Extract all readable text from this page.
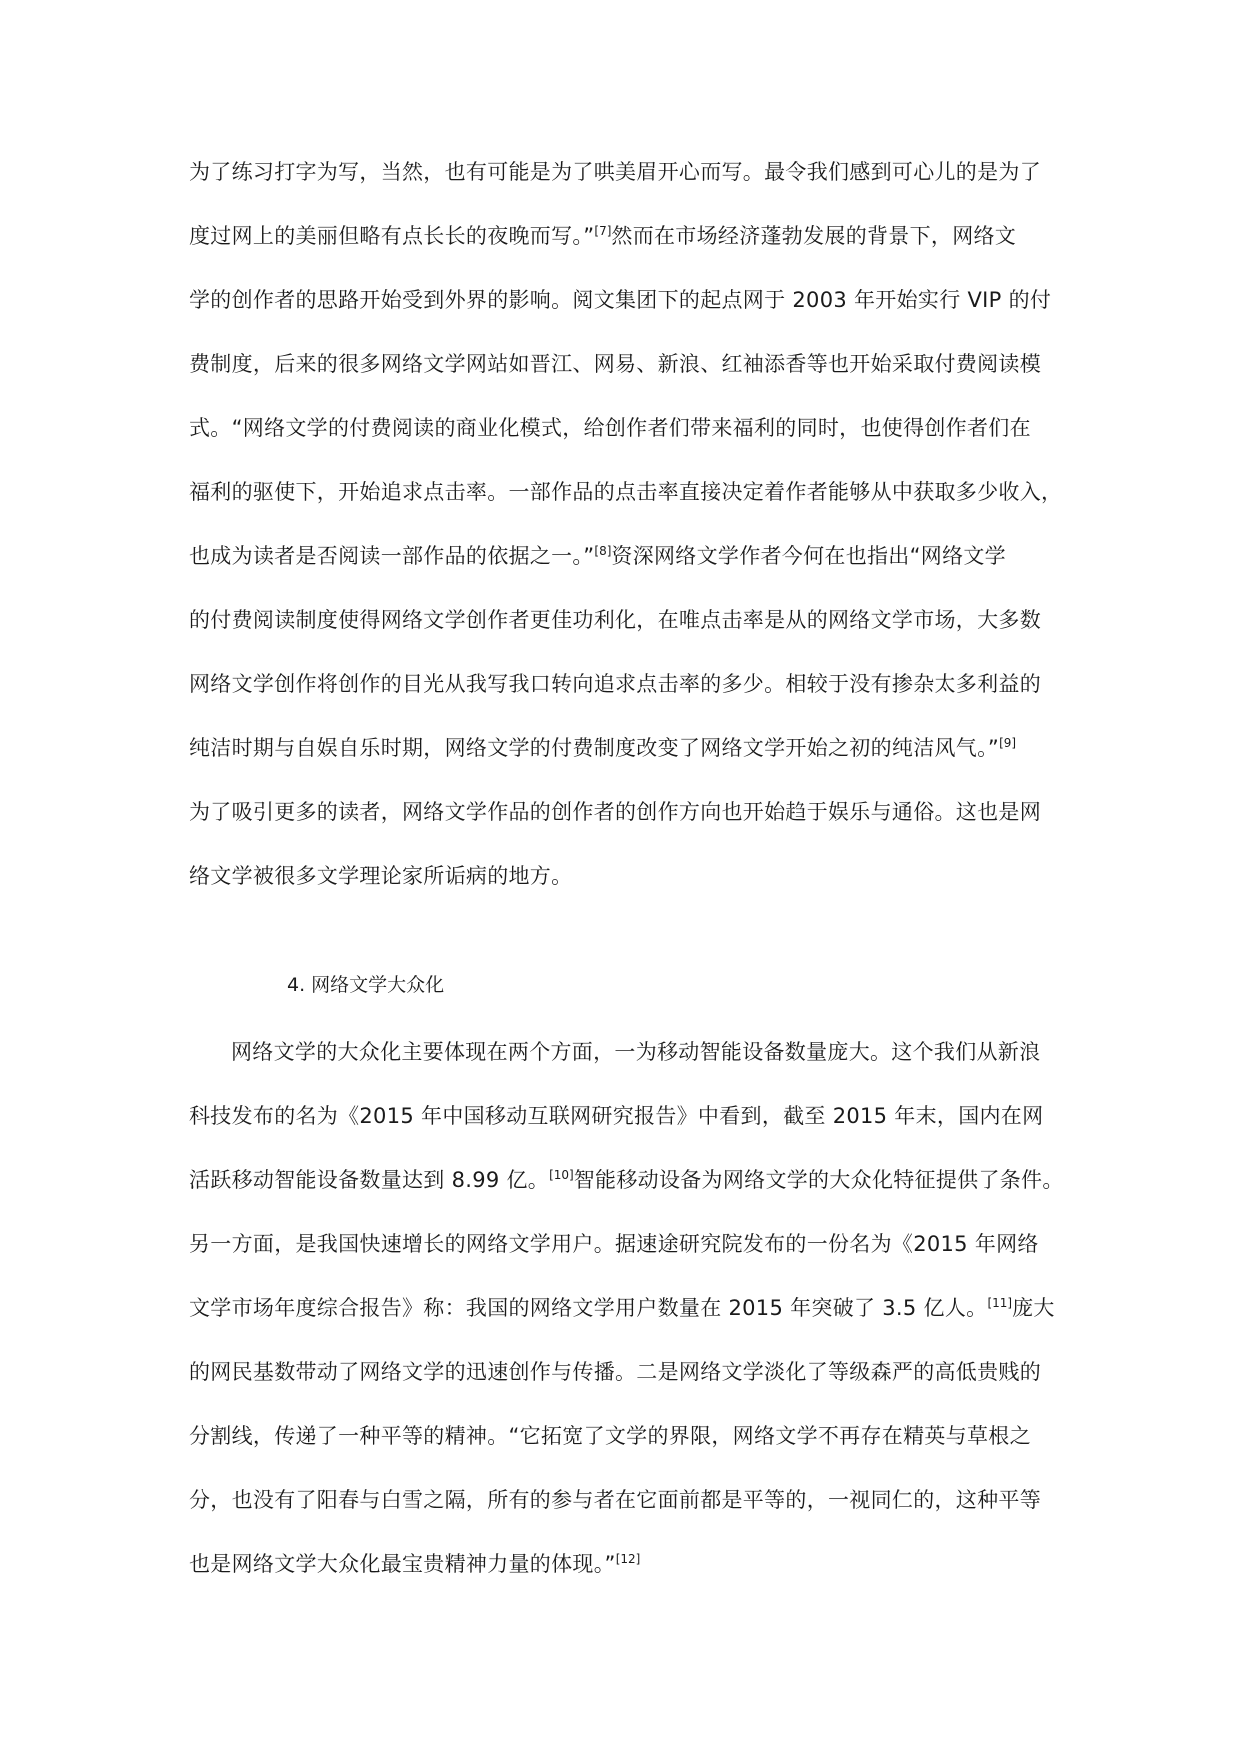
为了练习打字为写，当然，也有可能是为了哄美眉开心而写。最令我们感到可心儿的是为了
度过网上的美丽但略有点长长的夜晚而写。”[7]然而在市场经济蓬勃发展的背景下，网络文
学的创作者的思路开始受到外界的影响。阅文集团下的起点网于 2003 年开始实行 VIP 的付
费制度，后来的很多网络文学网站如晋江、网易、新浪、红袖添香等也开始采取付费阅读模
式。“网络文学的付费阅读的商业化模式，给创作者们带来福利的同时，也使得创作者们在
福利的驱使下，开始追求点击率。一部作品的点击率直接决定着作者能够从中获取多少收入，
也成为读者是否阅读一部作品的依据之一。”[8]资深网络文学作者今何在也指出“网络文学
的付费阅读制度使得网络文学创作者更佳功利化，在唯点击率是从的网络文学市场，大多数
网络文学创作将创作的目光从我写我口转向追求点击率的多少。相较于没有掺杂太多利益的
纯洁时期与自娱自乐时期，网络文学的付费制度改变了网络文学开始之初的纯洁风气。”[9]
为了吸引更多的读者，网络文学作品的创作者的创作方向也开始趋于娱乐与通俗。这也是网
络文学被很多文学理论家所诟病的地方。
4. 网络文学大众化
网络文学的大众化主要体现在两个方面，一为移动智能设备数量庞大。这个我们从新浪
科技发布的名为《2015 年中国移动互联网研究报告》中看到，截至 2015 年末，国内在网
活跃移动智能设备数量达到 8.99 亿。[10]智能移动设备为网络文学的大众化特征提供了条件。
另一方面，是我国快速增长的网络文学用户。据速途研究院发布的一份名为《2015 年网络
文学市场年度综合报告》称：我国的网络文学用户数量在 2015 年突破了 3.5 亿人。[11]庞大
的网民基数带动了网络文学的迅速创作与传播。二是网络文学淡化了等级森严的高低贵贱的
分割线，传递了一种平等的精神。“它拓宽了文学的界限，网络文学不再存在精英与草根之
分，也没有了阳春与白雪之隔，所有的参与者在它面前都是平等的，一视同仁的，这种平等
也是网络文学大众化最宝贵精神力量的体现。”[12]
